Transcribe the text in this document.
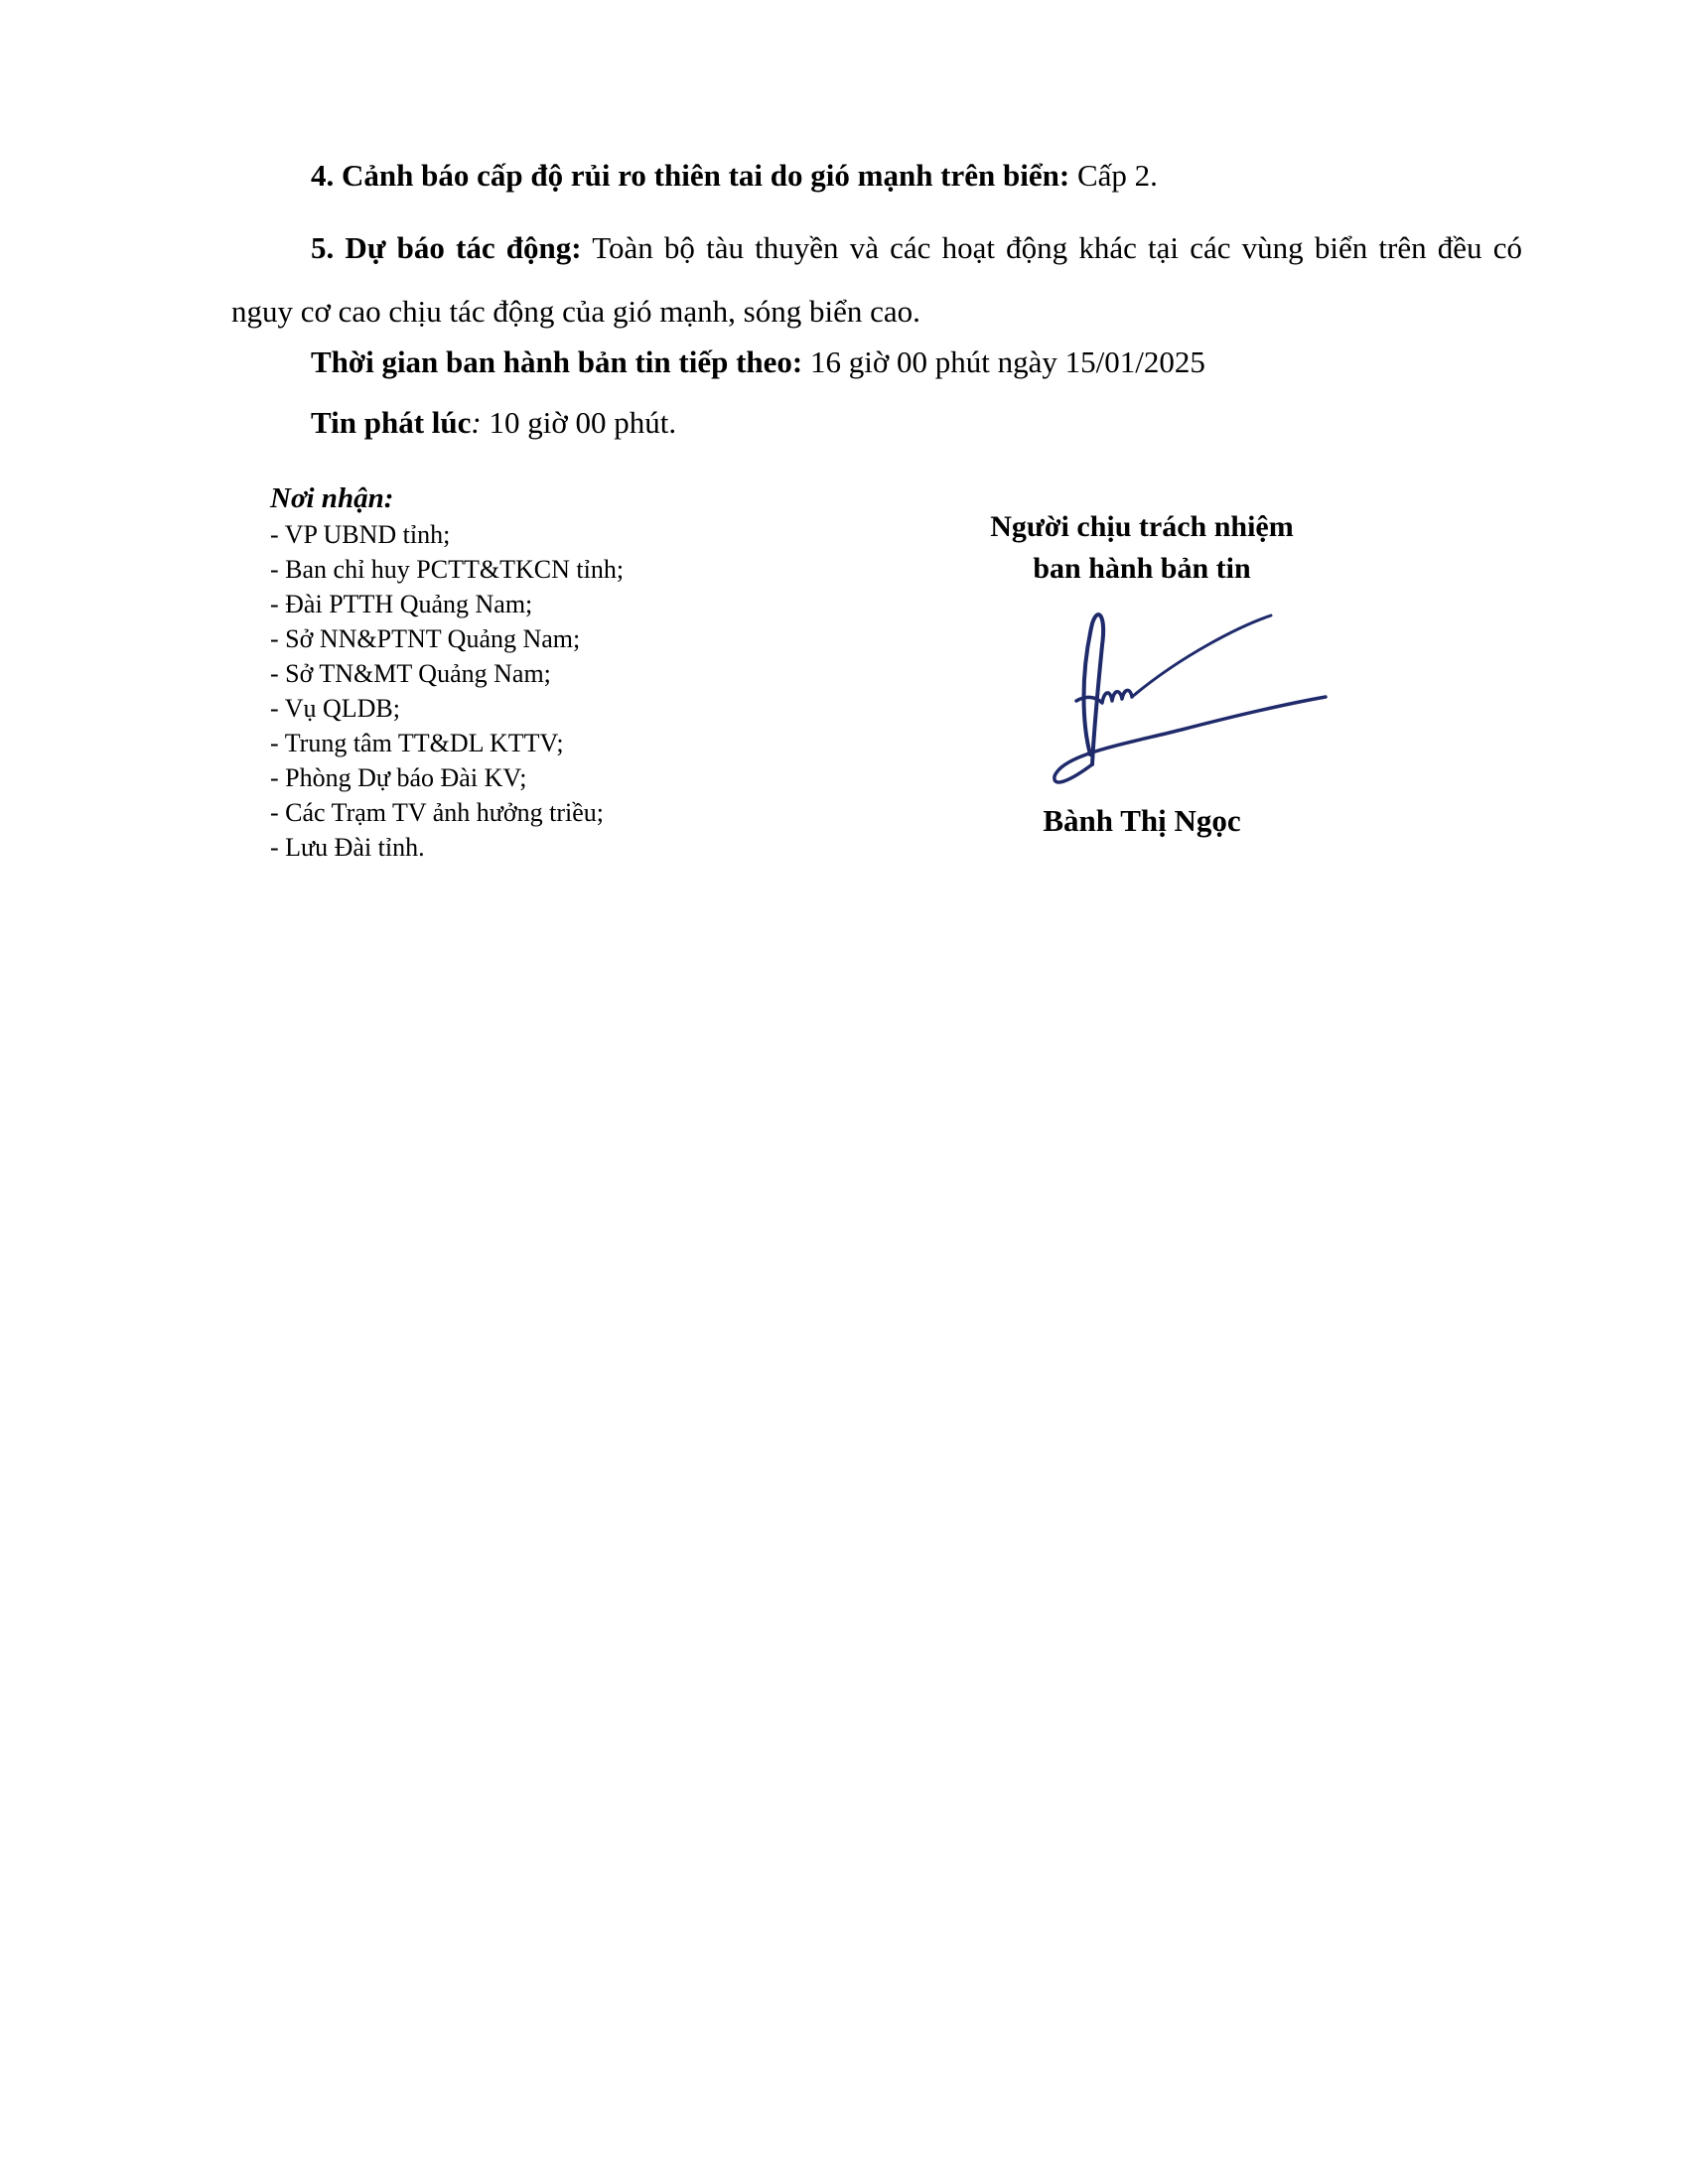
4. Cảnh báo cấp độ rủi ro thiên tai do gió mạnh trên biển: Cấp 2.

5. Dự báo tác động: Toàn bộ tàu thuyền và các hoạt động khác tại các vùng biển trên đều có nguy cơ cao chịu tác động của gió mạnh, sóng biển cao.

Thời gian ban hành bản tin tiếp theo: 16 giờ 00 phút ngày 15/01/2025

Tin phát lúc: 10 giờ 00 phút.

Nơi nhận:
- VP UBND tỉnh;
- Ban chỉ huy PCTT&TKCN tỉnh;
- Đài PTTH Quảng Nam;
- Sở NN&PTNT Quảng Nam;
- Sở TN&MT Quảng Nam;
- Vụ QLDB;
- Trung tâm TT&DL KTTV;
- Phòng Dự báo Đài KV;
- Các Trạm TV ảnh hưởng triều;
- Lưu Đài tỉnh.
Người chịu trách nhiệm
ban hành bản tin
Bành Thị Ngọc
